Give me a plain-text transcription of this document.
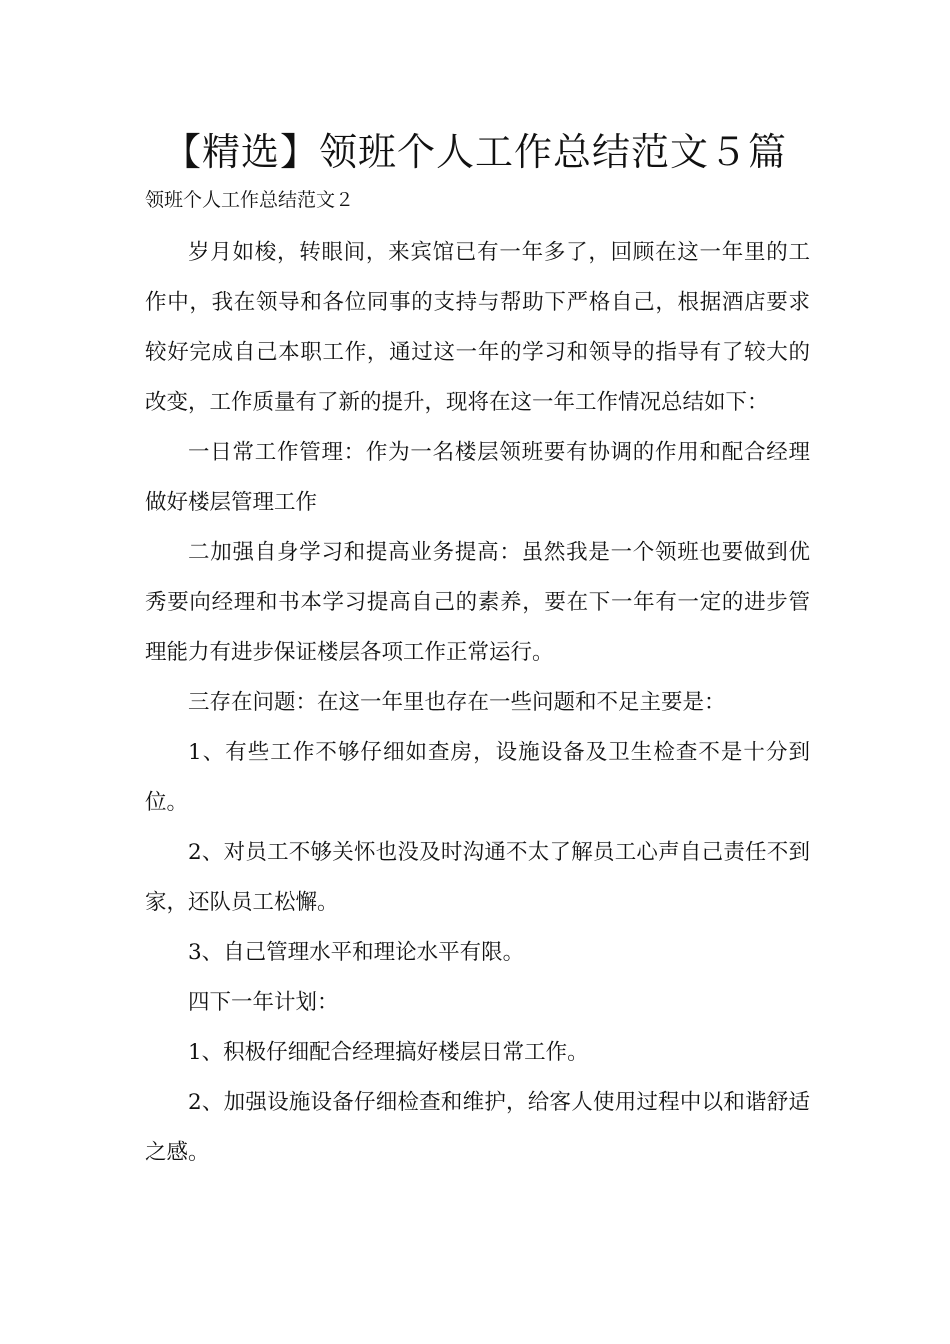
【精选】领班个人工作总结范文５篇
领班个人工作总结范文２

岁月如梭，转眼间，来宾馆已有一年多了，回顾在这一年里的工作中，我在领导和各位同事的支持与帮助下严格自己，根据酒店要求较好完成自己本职工作，通过这一年的学习和领导的指导有了较大的改变，工作质量有了新的提升，现将在这一年工作情况总结如下：

一日常工作管理：作为一名楼层领班要有协调的作用和配合经理做好楼层管理工作

二加强自身学习和提高业务提高：虽然我是一个领班也要做到优秀要向经理和书本学习提高自己的素养，要在下一年有一定的进步管理能力有进步保证楼层各项工作正常运行。

三存在问题：在这一年里也存在一些问题和不足主要是：

1、有些工作不够仔细如查房，设施设备及卫生检查不是十分到位。

2、对员工不够关怀也没及时沟通不太了解员工心声自己责任不到家，还队员工松懈。

3、自己管理水平和理论水平有限。

四下一年计划：

1、积极仔细配合经理搞好楼层日常工作。

2、加强设施设备仔细检查和维护，给客人使用过程中以和谐舒适之感。
